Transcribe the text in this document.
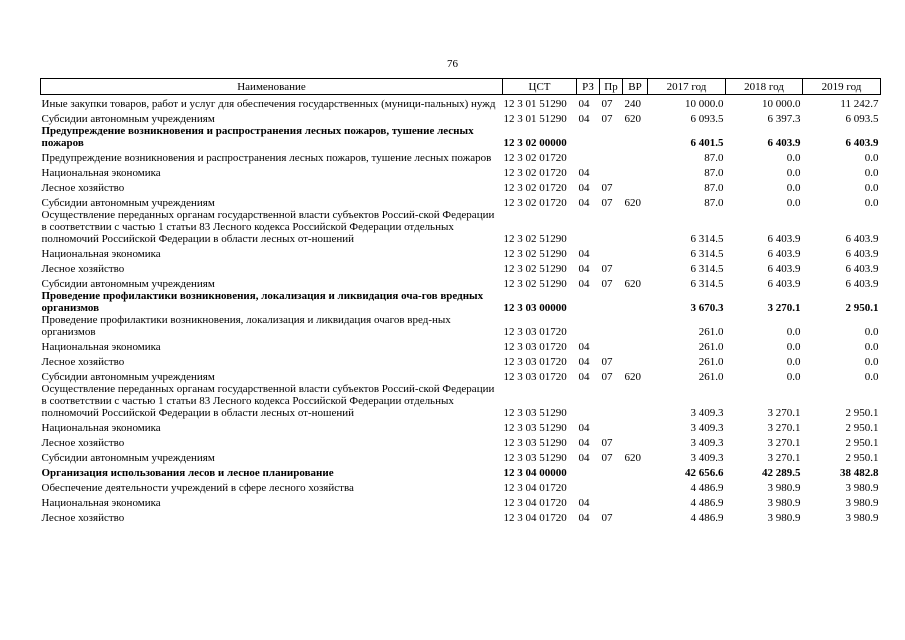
76
Наименование	ЦСТ	РЗ	Пр	ВР	2017 год	2018 год	2019 год
Иные закупки товаров, работ и услуг для обеспечения государственных (муници-пальных) нужд	12 3 01 51290	04	07	240	10 000.0	10 000.0	11 242.7
Субсидии автономным учреждениям	12 3 01 51290	04	07	620	6 093.5	6 397.3	6 093.5
Предупреждение возникновения и распространения лесных пожаров, тушение лесных пожаров	12 3 02 00000				6 401.5	6 403.9	6 403.9
Предупреждение возникновения и распространения лесных пожаров, тушение лесных пожаров	12 3 02 01720				87.0	0.0	0.0
Национальная экономика	12 3 02 01720	04			87.0	0.0	0.0
Лесное хозяйство	12 3 02 01720	04	07		87.0	0.0	0.0
Субсидии автономным учреждениям	12 3 02 01720	04	07	620	87.0	0.0	0.0
Осуществление переданных органам государственной власти субъектов Россий-ской Федерации в соответствии с частью 1 статьи 83 Лесного кодекса Российской Федерации отдельных полномочий Российской Федерации в области лесных от-ношений	12 3 02 51290				6 314.5	6 403.9	6 403.9
Национальная экономика	12 3 02 51290	04			6 314.5	6 403.9	6 403.9
Лесное хозяйство	12 3 02 51290	04	07		6 314.5	6 403.9	6 403.9
Субсидии автономным учреждениям	12 3 02 51290	04	07	620	6 314.5	6 403.9	6 403.9
Проведение профилактики возникновения, локализация и ликвидация оча-гов вредных организмов	12 3 03 00000				3 670.3	3 270.1	2 950.1
Проведение профилактики возникновения, локализация и ликвидация очагов вред-ных организмов	12 3 03 01720				261.0	0.0	0.0
Национальная экономика	12 3 03 01720	04			261.0	0.0	0.0
Лесное хозяйство	12 3 03 01720	04	07		261.0	0.0	0.0
Субсидии автономным учреждениям	12 3 03 01720	04	07	620	261.0	0.0	0.0
Осуществление переданных органам государственной власти субъектов Россий-ской Федерации в соответствии с частью 1 статьи 83 Лесного кодекса Российской Федерации отдельных полномочий Российской Федерации в области лесных от-ношений	12 3 03 51290				3 409.3	3 270.1	2 950.1
Национальная экономика	12 3 03 51290	04			3 409.3	3 270.1	2 950.1
Лесное хозяйство	12 3 03 51290	04	07		3 409.3	3 270.1	2 950.1
Субсидии автономным учреждениям	12 3 03 51290	04	07	620	3 409.3	3 270.1	2 950.1
Организация использования лесов и лесное планирование	12 3 04 00000				42 656.6	42 289.5	38 482.8
Обеспечение деятельности учреждений в сфере лесного хозяйства	12 3 04 01720				4 486.9	3 980.9	3 980.9
Национальная экономика	12 3 04 01720	04			4 486.9	3 980.9	3 980.9
Лесное хозяйство	12 3 04 01720	04	07		4 486.9	3 980.9	3 980.9
